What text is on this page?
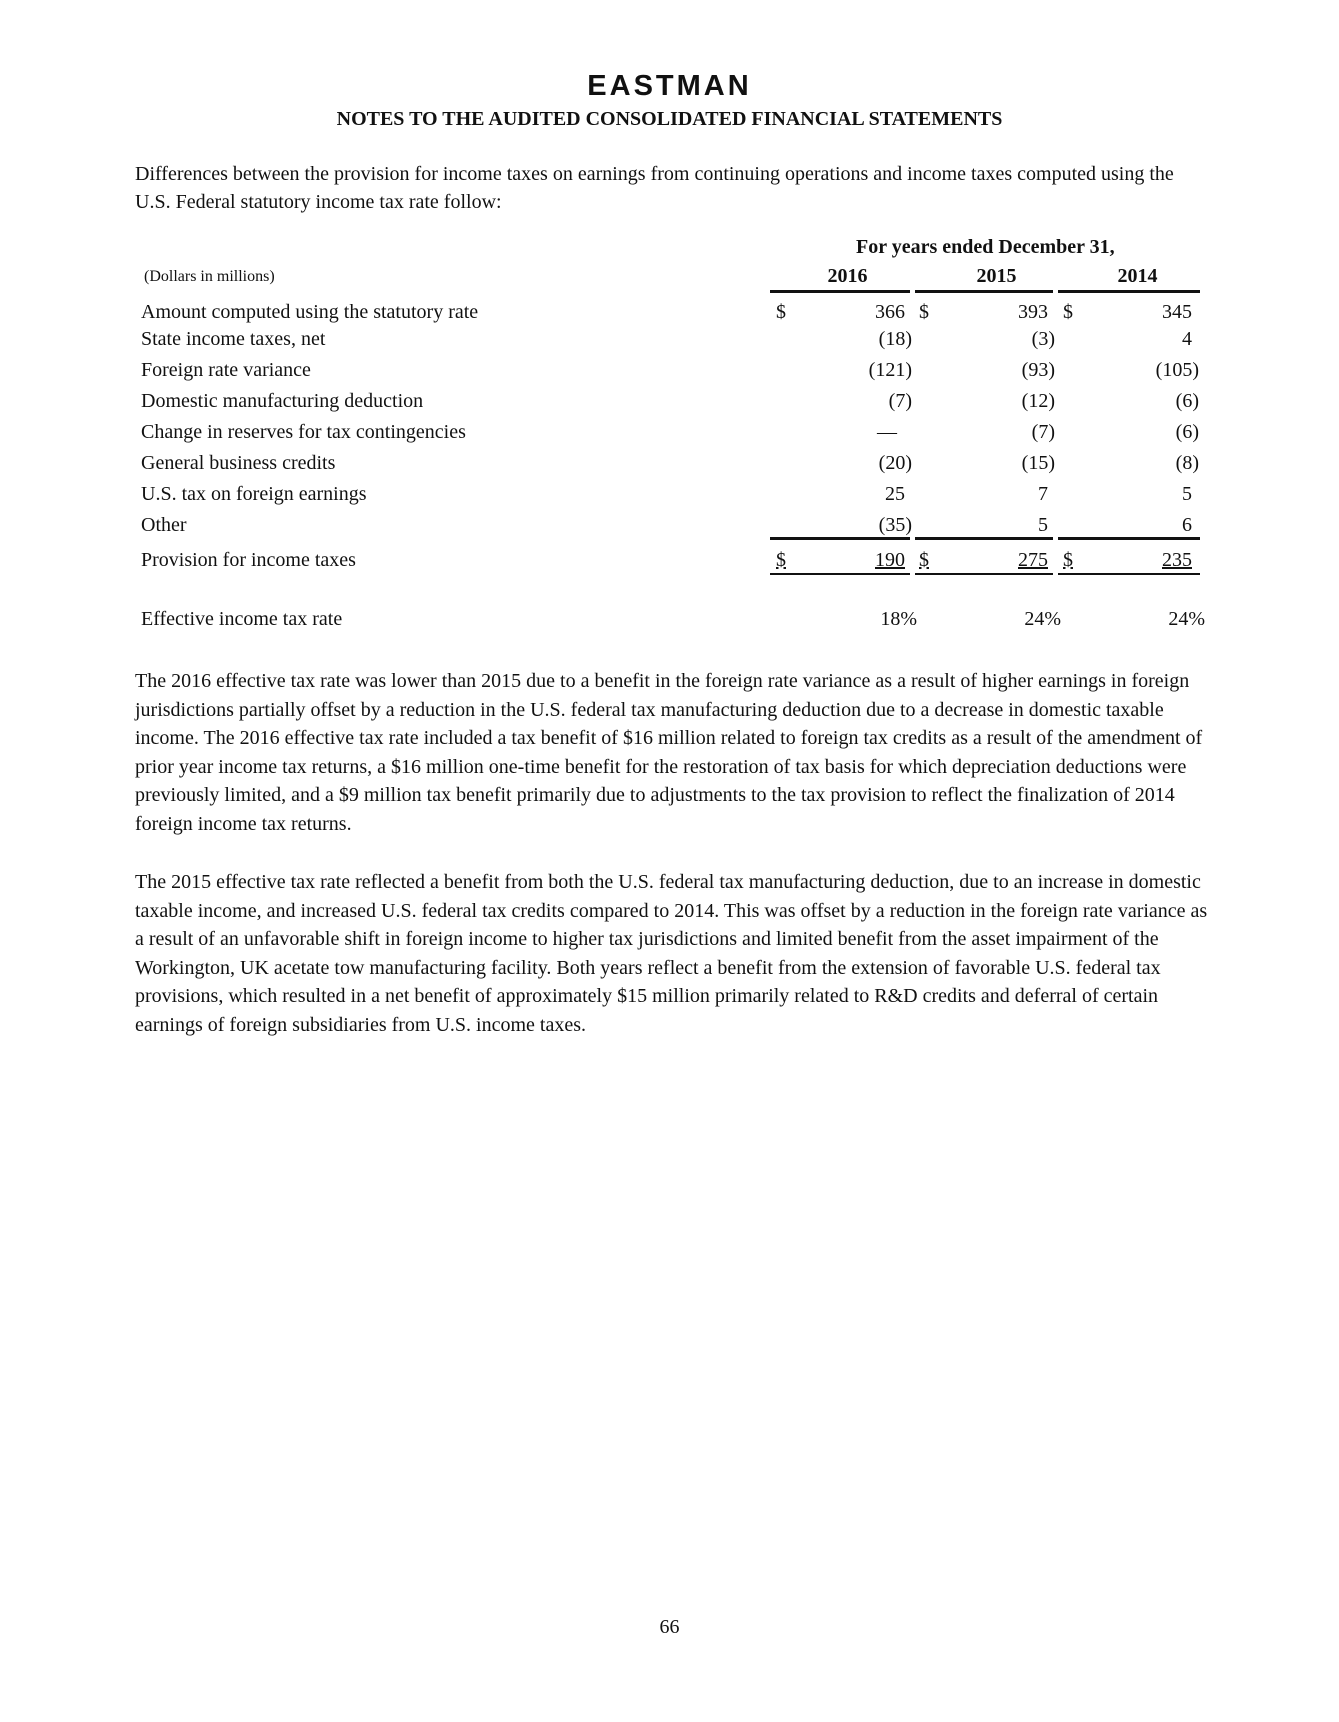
EASTMAN
NOTES TO THE AUDITED CONSOLIDATED FINANCIAL STATEMENTS

Differences between the provision for income taxes on earnings from continuing operations and income taxes computed using the U.S. Federal statutory income tax rate follow:

For years ended December 31,
(Dollars in millions)	2016	2015	2014
Amount computed using the statutory rate	$	366 $	393 $	345
State income taxes, net	(18)	(3)	4
Foreign rate variance	(121)	(93)	(105)
Domestic manufacturing deduction	(7)	(12)	(6)
Change in reserves for tax contingencies	—	(7)	(6)
General business credits	(20)	(15)	(8)
U.S. tax on foreign earnings	25	7	5
Other	(35)	5	6
Provision for income taxes	$	190 $	275 $	235
Effective income tax rate	18%	24%	24%

The 2016 effective tax rate was lower than 2015 due to a benefit in the foreign rate variance as a result of higher earnings in foreign jurisdictions partially offset by a reduction in the U.S. federal tax manufacturing deduction due to a decrease in domestic taxable income. The 2016 effective tax rate included a tax benefit of $16 million related to foreign tax credits as a result of the amendment of prior year income tax returns, a $16 million one-time benefit for the restoration of tax basis for which depreciation deductions were previously limited, and a $9 million tax benefit primarily due to adjustments to the tax provision to reflect the finalization of 2014 foreign income tax returns.

The 2015 effective tax rate reflected a benefit from both the U.S. federal tax manufacturing deduction, due to an increase in domestic taxable income, and increased U.S. federal tax credits compared to 2014. This was offset by a reduction in the foreign rate variance as a result of an unfavorable shift in foreign income to higher tax jurisdictions and limited benefit from the asset impairment of the Workington, UK acetate tow manufacturing facility. Both years reflect a benefit from the extension of favorable U.S. federal tax provisions, which resulted in a net benefit of approximately $15 million primarily related to R&D credits and deferral of certain earnings of foreign subsidiaries from U.S. income taxes.

66
